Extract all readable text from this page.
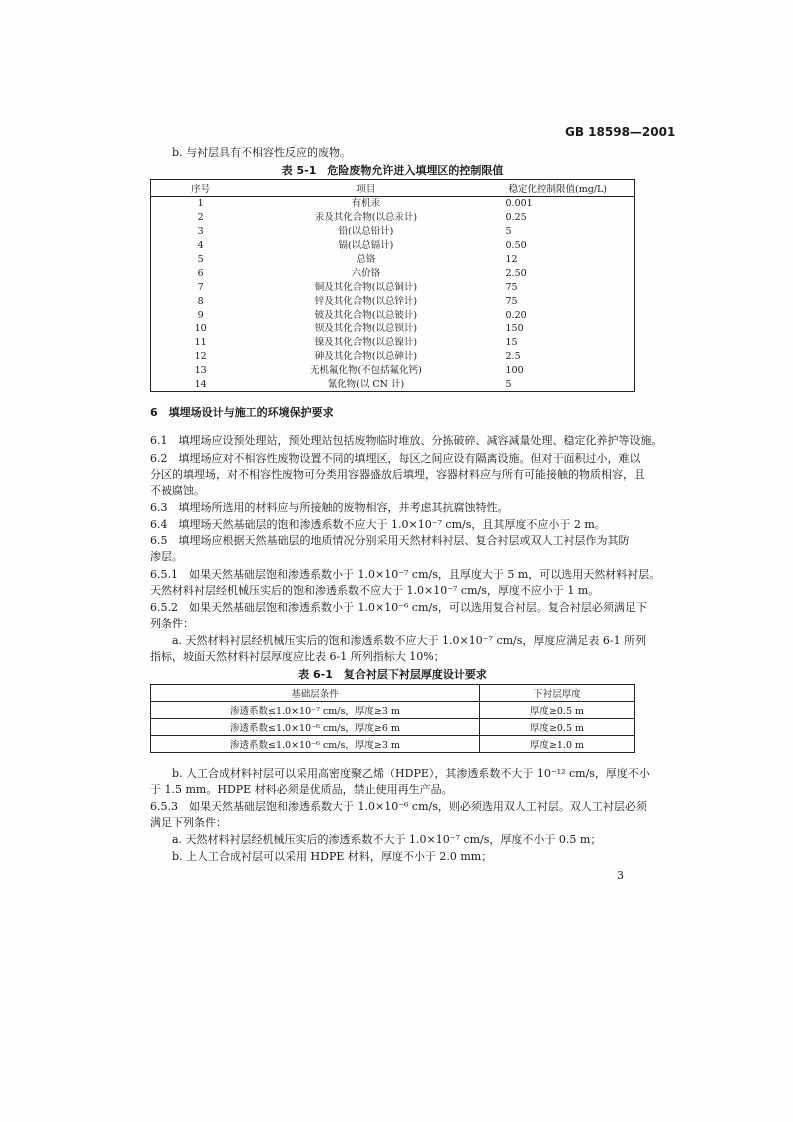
GB 18598—2001
b. 与衬层具有不相容性反应的废物。
表 5-1　危险废物允许进入填埋区的控制限值
序号	项目	稳定化控制限值(mg/L)
1	有机汞	0.001
2	汞及其化合物(以总汞计)	0.25
3	铅(以总铅计)	5
4	镉(以总镉计)	0.50
5	总铬	12
6	六价铬	2.50
7	铜及其化合物(以总铜计)	75
8	锌及其化合物(以总锌计)	75
9	铍及其化合物(以总铍计)	0.20
10	钡及其化合物(以总钡计)	150
11	镍及其化合物(以总镍计)	15
12	砷及其化合物(以总砷计)	2.5
13	无机氟化物(不包括氟化钙)	100
14	氰化物(以 CN 计)	5
6　填埋场设计与施工的环境保护要求
6.1　填埋场应设预处理站，预处理站包括废物临时堆放、分拣破碎、减容减量处理、稳定化养护等设施。
6.2　填埋场应对不相容性废物设置不同的填埋区，每区之间应设有隔离设施。但对于面积过小，难以
分区的填埋场，对不相容性废物可分类用容器盛放后填埋，容器材料应与所有可能接触的物质相容，且
不被腐蚀。
6.3　填埋场所选用的材料应与所接触的废物相容，并考虑其抗腐蚀特性。
6.4　填埋场天然基础层的饱和渗透系数不应大于 1.0×10⁻⁷ cm/s，且其厚度不应小于 2 m。
6.5　填埋场应根据天然基础层的地质情况分别采用天然材料衬层、复合衬层或双人工衬层作为其防
渗层。
6.5.1　如果天然基础层饱和渗透系数小于 1.0×10⁻⁷ cm/s，且厚度大于 5 m，可以选用天然材料衬层。
天然材料衬层经机械压实后的饱和渗透系数不应大于 1.0×10⁻⁷ cm/s，厚度不应小于 1 m。
6.5.2　如果天然基础层饱和渗透系数小于 1.0×10⁻⁶ cm/s，可以选用复合衬层。复合衬层必须满足下
列条件：
a. 天然材料衬层经机械压实后的饱和渗透系数不应大于 1.0×10⁻⁷ cm/s，厚度应满足表 6-1 所列
指标，坡面天然材料衬层厚度应比表 6-1 所列指标大 10%；
表 6-1　复合衬层下衬层厚度设计要求
基础层条件	下衬层厚度
渗透系数≤1.0×10⁻⁷ cm/s，厚度≥3 m	厚度≥0.5 m
渗透系数≤1.0×10⁻⁶ cm/s，厚度≥6 m	厚度≥0.5 m
渗透系数≤1.0×10⁻⁶ cm/s，厚度≥3 m	厚度≥1.0 m
b. 人工合成材料衬层可以采用高密度聚乙烯（HDPE），其渗透系数不大于 10⁻¹² cm/s，厚度不小
于 1.5 mm。HDPE 材料必须是优质品，禁止使用再生产品。
6.5.3　如果天然基础层饱和渗透系数大于 1.0×10⁻⁶ cm/s，则必须选用双人工衬层。双人工衬层必须
满足下列条件：
a. 天然材料衬层经机械压实后的渗透系数不大于 1.0×10⁻⁷ cm/s，厚度不小于 0.5 m；
b. 上人工合成衬层可以采用 HDPE 材料，厚度不小于 2.0 mm；
3
